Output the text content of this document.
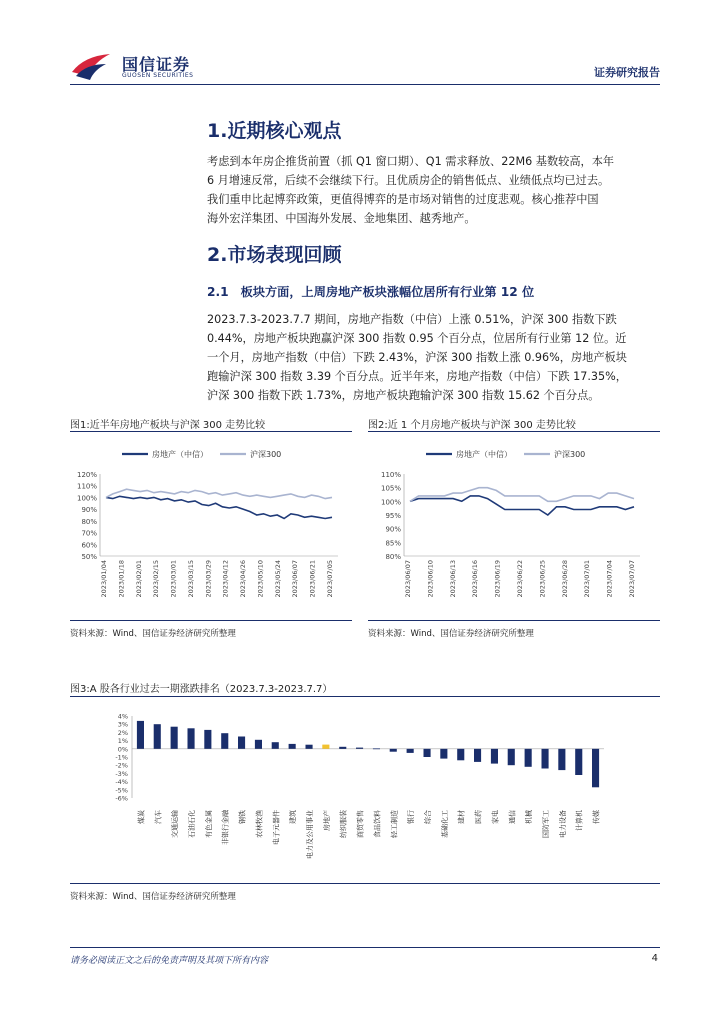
国信证券
GUOSEN SECURITIES	证券研究报告
1.近期核心观点
考虑到本年房企推货前置（抓 Q1 窗口期）、Q1 需求释放、22M6 基数较高，本年
6 月增速反常，后续不会继续下行。且优质房企的销售低点、业绩低点均已过去。
我们重申比起博弈政策，更值得博弈的是市场对销售的过度悲观。核心推荐中国
海外宏洋集团、中国海外发展、金地集团、越秀地产。
2.市场表现回顾
2.1 板块方面，上周房地产板块涨幅位居所有行业第 12 位
2023.7.3-2023.7.7 期间，房地产指数（中信）上涨 0.51%，沪深 300 指数下跌
0.44%，房地产板块跑赢沪深 300 指数 0.95 个百分点，位居所有行业第 12 位。近
一个月，房地产指数（中信）下跌 2.43%，沪深 300 指数上涨 0.96%，房地产板块
跑输沪深 300 指数 3.39 个百分点。近半年来，房地产指数（中信）下跌 17.35%，
沪深 300 指数下跌 1.73%，房地产板块跑输沪深 300 指数 15.62 个百分点。
图1:近半年房地产板块与沪深 300 走势比较	图2:近 1 个月房地产板块与沪深 300 走势比较
房地产（中信）	沪深300
50%
60%
70%
80%
90%
100%
110%
120%
2023/01/04 2023/01/18 2023/02/01 2023/02/15 2023/03/01 2023/03/15 2023/03/29 2023/04/12 2023/04/26 2023/05/10 2023/05/24 2023/06/07 2023/06/21 2023/07/05
房地产（中信）	沪深300
80%
85%
90%
95%
100%
105%
110%
2023/06/07 2023/06/10 2023/06/13 2023/06/16 2023/06/19 2023/06/22 2023/06/25 2023/06/28 2023/07/01 2023/07/04 2023/07/07
资料来源：Wind、国信证券经济研究所整理	资料来源：Wind、国信证券经济研究所整理
图3:A 股各行业过去一期涨跌排名（2023.7.3-2023.7.7）
4%
3%
2%
1%
0%
-1%
-2%
-3%
-4%
-5%
-6%
煤炭 汽车 交通运输 石油石化 有色金属 非银行金融 钢铁 农林牧渔 电子元器件 建筑 电力及公用事业 房地产 纺织服装 商贸零售 食品饮料 轻工制造 银行 综合 基础化工 建材 医药 家电 通信 机械 国防军工 电力设备 计算机 传媒
资料来源：Wind、国信证券经济研究所整理
请务必阅读正文之后的免责声明及其项下所有内容	4
